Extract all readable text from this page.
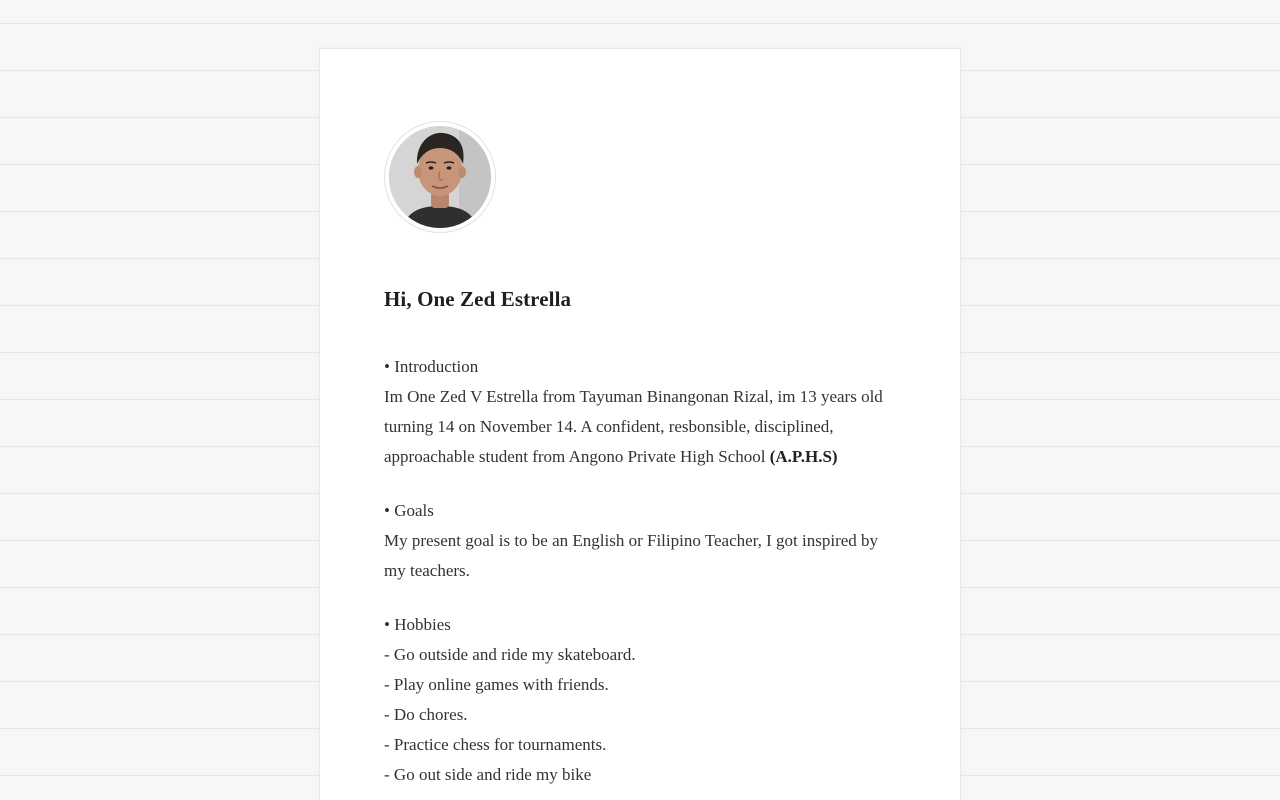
Hi, One Zed Estrella

• Introduction

Im One Zed V Estrella from Tayuman Binangonan Rizal, im 13 years old turning 14 on November 14. A confident, resbonsible, disciplined, approachable student from Angono Private High School (A.P.H.S)

• Goals

My present goal is to be an English or Filipino Teacher, I got inspired by my teachers.

• Hobbies

- Go outside and ride my skateboard.
- Play online games with friends.
- Do chores.
- Practice chess for tournaments.
- Go out side and ride my bike
